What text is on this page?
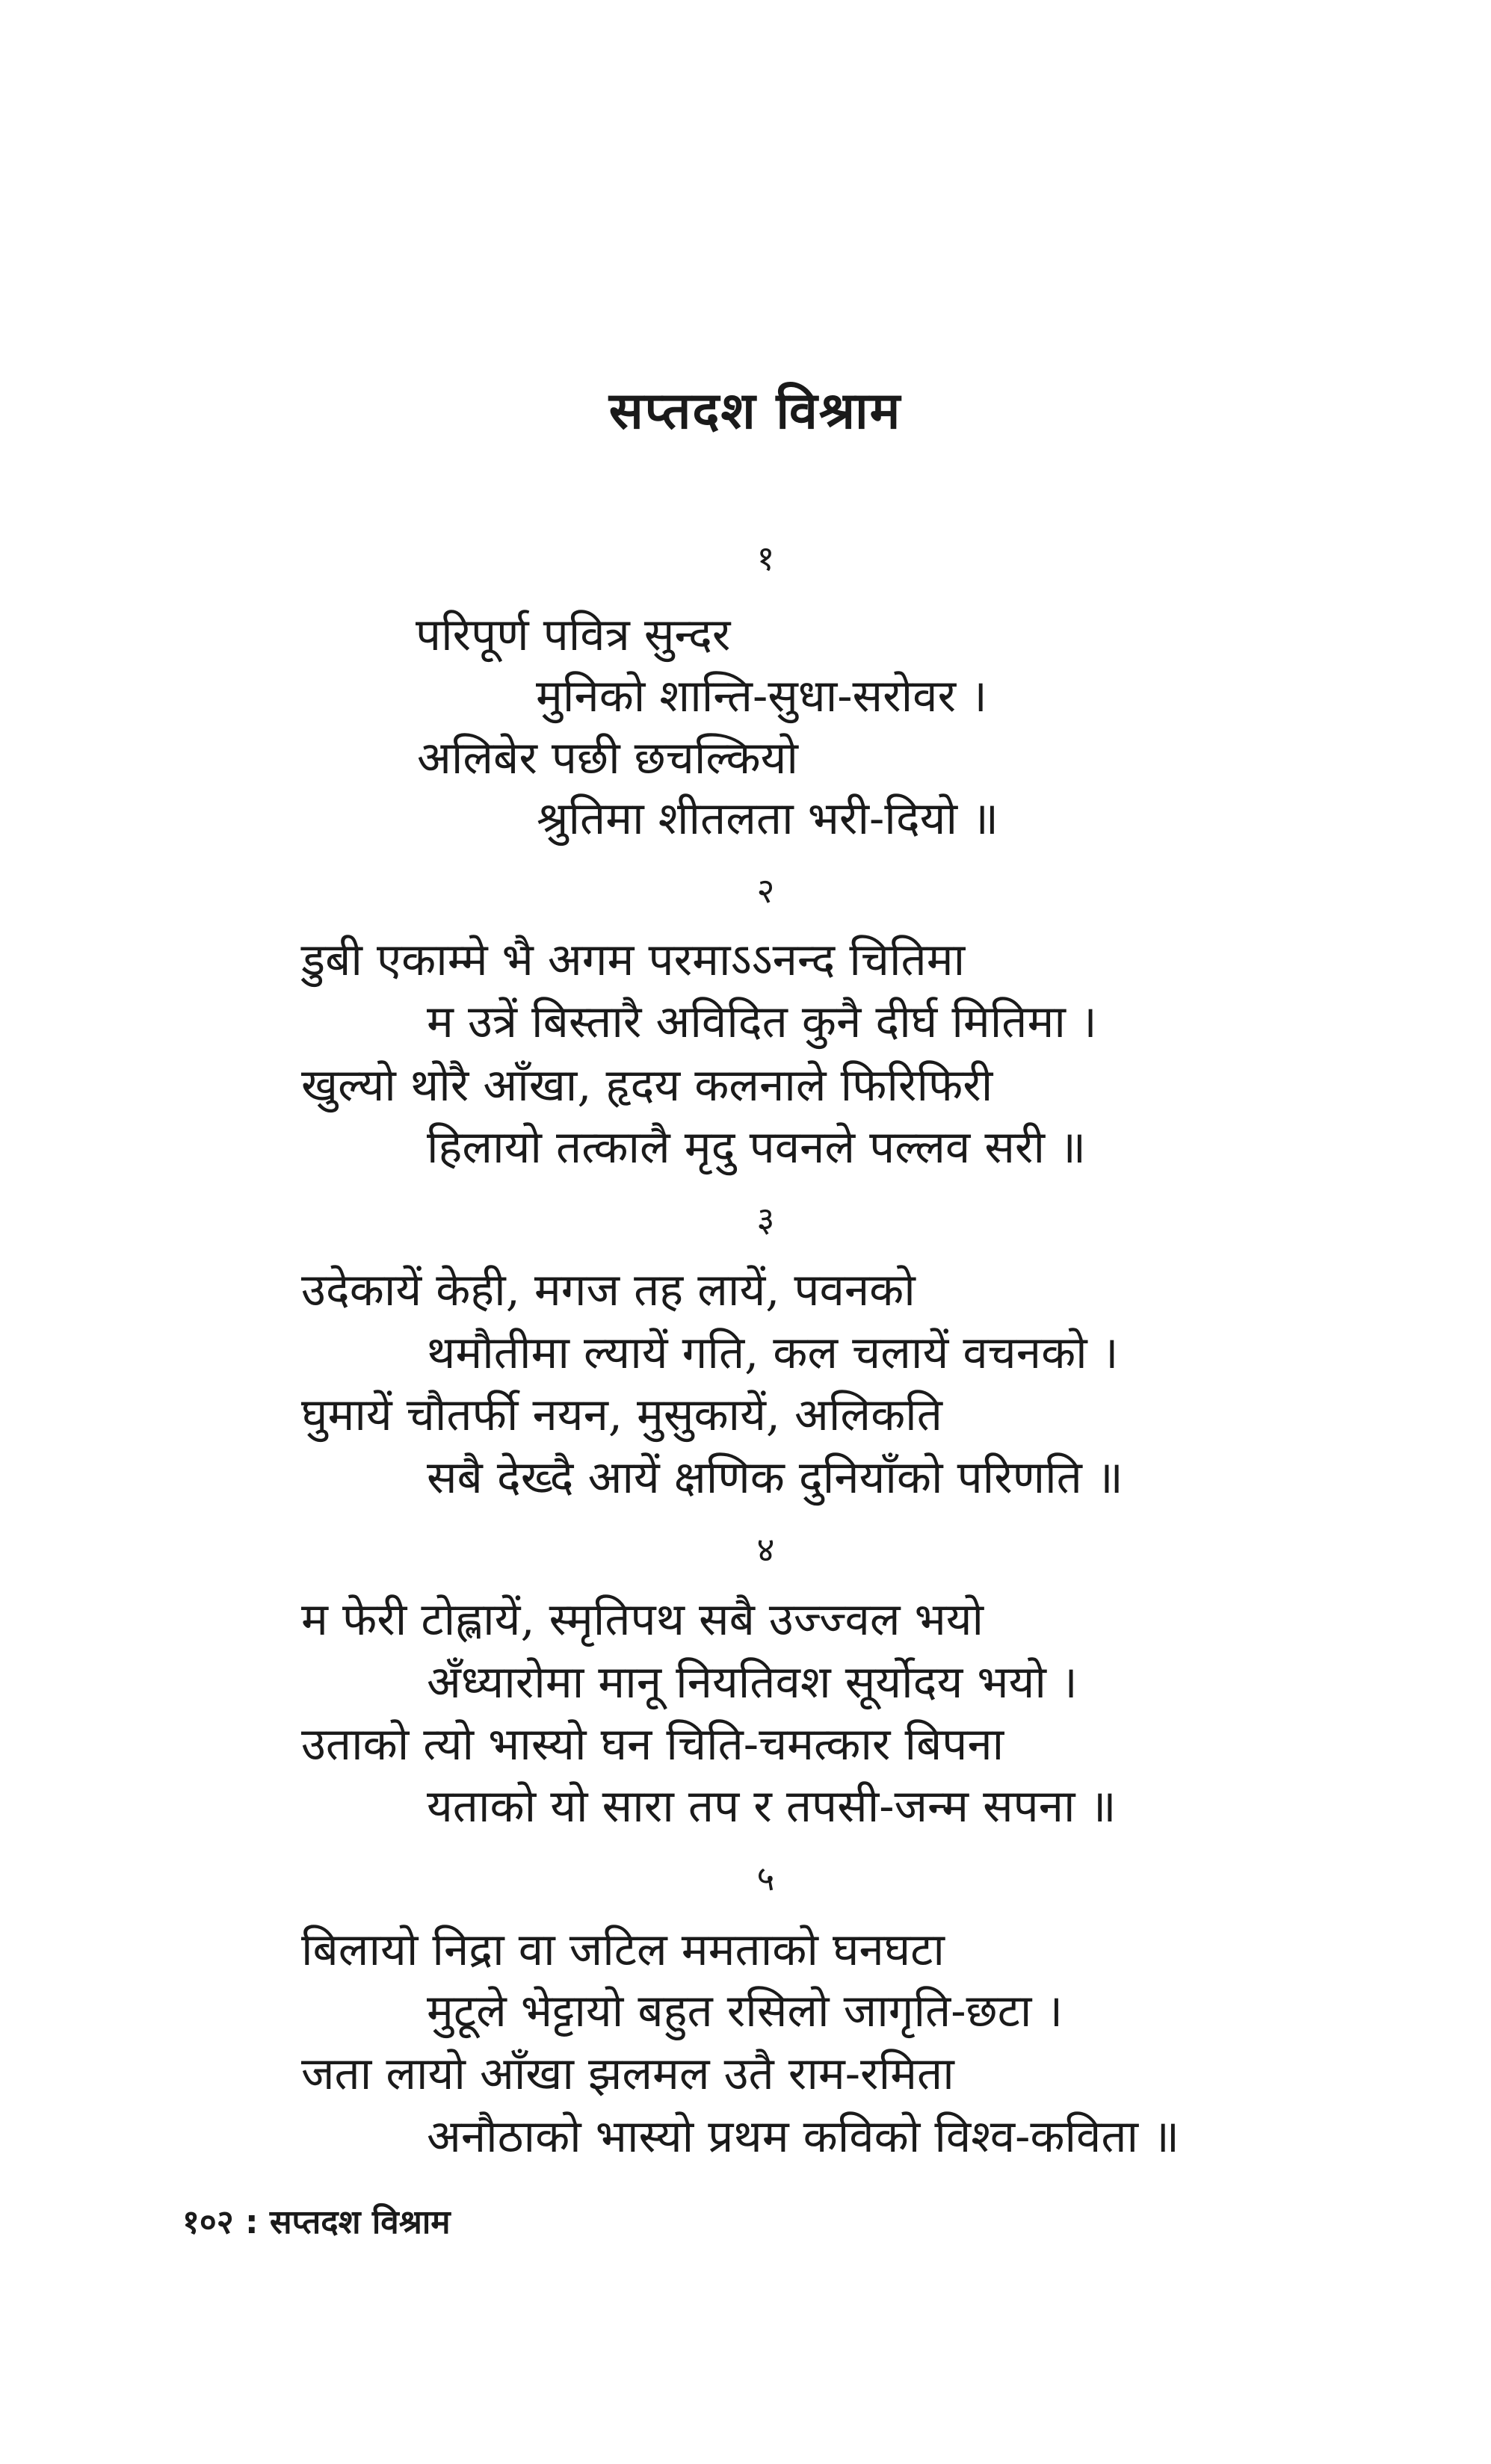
सप्तदश विश्राम
१
परिपूर्ण पवित्र सुन्दर
मुनिको शान्ति-सुधा-सरोवर ।
अलिबेर पछी छचल्कियो
श्रुतिमा शीतलता भरी-दियो ॥
२
डुबी एकाम्मे भै अगम परमाऽऽनन्द चितिमा
म उत्रें बिस्तारै अविदित कुनै दीर्घ मितिमा ।
खुल्यो थोरै आँखा, हृदय कलनाले फिरिफिरी
हिलायो तत्कालै मृदु पवनले पल्लव सरी ॥
३
उदेकायें केही, मगज तह लायें, पवनको
थमौतीमा ल्यायें गति, कल चलायें वचनको ।
घुमायें चौतर्फी नयन, मुसुकायें, अलिकति
सबै देख्दै आयें क्षणिक दुनियाँको परिणति ॥
४
म फेरी टोह्लायें, स्मृतिपथ सबै उज्ज्वल भयो
अँध्यारोमा मानू नियतिवश सूर्योदय भयो ।
उताको त्यो भास्यो घन चिति-चमत्कार बिपना
यताको यो सारा तप र तपसी-जन्म सपना ॥
५
बिलायो निद्रा वा जटिल ममताको घनघटा
मुटूले भेट्टायो बहुत रसिलो जागृति-छटा ।
जता लायो आँखा झलमल उतै राम-रमिता
अनौठाको भास्यो प्रथम कविको विश्व-कविता ॥
१०२ : सप्तदश विश्राम
